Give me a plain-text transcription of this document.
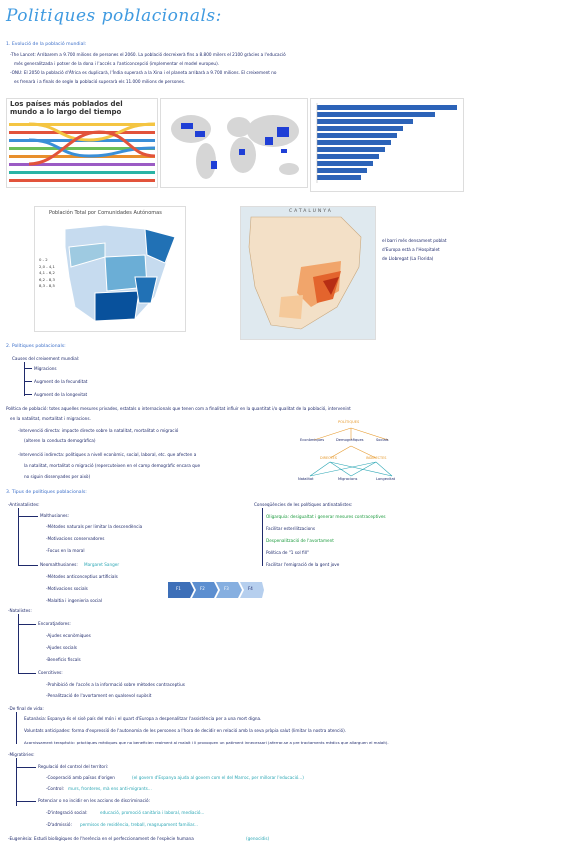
Politiques poblacionals:
1. Evolució de la població mundial:
-The Lancet: Arribarem a 9.700 milions de persones el 2060. La població decreixerà fins a 8.800 milers el 2100 gràcies a l'educació
més generalitzada i potser de la dona i l'accés a l'anticoncepció (implementar el model europeu).
-ONU: El 2050 la població d'Àfrica es duplicarà, l'Índia superarà a la Xina i el planeta arribarà a 9.700 milions. El creixement no
es frenarà i a finals de segle la població superarà els 11.000 milions de persones.
Los países más poblados del
mundo a lo largo del tiempo
Población Total por Comunidades Autónomas
0 - 2
2,0 - 4,1
4,1 - 6,2
6,2 - 8,3
8,3 - 8,5
CATALUNYA
el barri més densament poblat
d'Europa està a l'Hospitalet
de Llobregat (La Florida)
2. Polítiques poblacionals:
Causes del creixement mundial:
Migracions
Augment de la fecunditat
Augment de la longevitat
Política de població: totes aquelles mesures privades, estatals o internacionals que tenen com a finalitat influir en la quantitat i/o qualitat de la població, intervenint
en la natalitat, mortalitat i migracions.
-Intervenció directa: impacte directe sobre la natalitat, mortalitat o migració
(alteren la conducta demogràfica)
-Intervenció indirecta: polítiques a nivell econòmic, social, laboral, etc. que afecten a
la natalitat, mortalitat o migració (repercuteixen en el camp demogràfic encara que
no siguin dissenyades per això)
POLÍTIQUES
Econòmiques	Demogràfiques	Socials
DIRECTES	INDIRECTES
Natalitat	Migracions	Longevitat
3. Tipus de polítiques poblacionals:
-Antinatalistes:
Malthusianes:
-Mètodes naturals per limitar la descendència
-Motivacions conservadores
-Focus en la moral
Neomalthusianes: Margaret Sanger
-Mètodes anticonceptius artificials
-Motivacions socials
-Malaltia i ingenieria social
F1	F2	F3	F4
Conseqüències de les polítiques antinatalistes:
Oligarquia: desigualtat i generar mesures contraceptives
Facilitar esterilitzacions
Despenalització de l'avortament
Política de "1 sol fill"
Facilitar l'emigració de la gent jove
-Natalistes:
Encoratjadores:
-Ajudes econòmiques
-Ajudes socials
-Beneficis fiscals
Coercitives:
-Prohibició de l'accés a la informació sobre mètodes contraceptius
-Penalització de l'avortament en qualsevol supòsit
-De final de vida:
Eutanàsia: Espanya és el sisè país del món i el quart d'Europa a despenalitzar l'assistència per a una mort digna.
Voluntats anticipades: forma d'expressió de l'autonomia de les persones a l'hora de decidir en relació amb la seva pròpia salut (limitar la nostra atenció).
Acarnissament terapèutic: pràctiques mèdiques que no beneficien realment al malalt i li provoquen un patiment innecessari (aferrar-se a pre tractaments mèdics que allarguen el malalt).
-Migratòries:
Regulació del control del territori:
-Cooperació amb països d'origen	(el govern d'Espanya ajuda al govern com el del Marroc, per millorar l'educació...)
-Control: murs, fronteres, mà ens anti-migrants...
Potenciar o no incidir en les accions de discriminació:
-D'integració social:	educació, promoció sanitària i laboral, mediació...
-D'admissió: permisos de residència, treball, reagrupament familiar...
-Eugenèsia: Estudi biològiques de l'herència en el perfeccionament de l'espècie humana	(genocidis)
